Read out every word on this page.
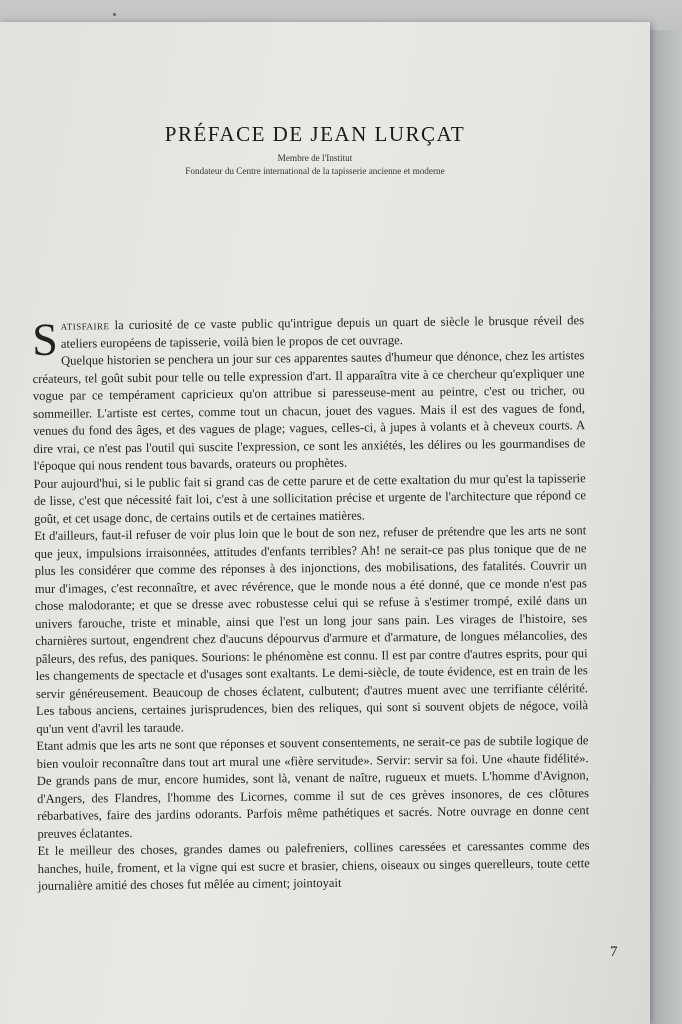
PRÉFACE DE JEAN LURÇAT

Membre de l'Institut

Fondateur du Centre international de la tapisserie ancienne et moderne

Satisfaire la curiosité de ce vaste public qu'intrigue depuis un quart de siècle le brusque réveil des ateliers européens de tapisserie, voilà bien le propos de cet ouvrage.

Quelque historien se penchera un jour sur ces apparentes sautes d'humeur que dénonce, chez les artistes créateurs, tel goût subit pour telle ou telle expression d'art. Il apparaîtra vite à ce chercheur qu'expliquer une vogue par ce tempérament capricieux qu'on attribue si paresseuse-ment au peintre, c'est ou tricher, ou sommeiller. L'artiste est certes, comme tout un chacun, jouet des vagues. Mais il est des vagues de fond, venues du fond des âges, et des vagues de plage; vagues, celles-ci, à jupes à volants et à cheveux courts. A dire vrai, ce n'est pas l'outil qui suscite l'expression, ce sont les anxiétés, les délires ou les gourmandises de l'époque qui nous rendent tous bavards, orateurs ou prophètes.

Pour aujourd'hui, si le public fait si grand cas de cette parure et de cette exaltation du mur qu'est la tapisserie de lisse, c'est que nécessité fait loi, c'est à une sollicitation précise et urgente de l'architecture que répond ce goût, et cet usage donc, de certains outils et de certaines matières.

Et d'ailleurs, faut-il refuser de voir plus loin que le bout de son nez, refuser de prétendre que les arts ne sont que jeux, impulsions irraisonnées, attitudes d'enfants terribles? Ah! ne serait-ce pas plus tonique que de ne plus les considérer que comme des réponses à des injonctions, des mobilisations, des fatalités. Couvrir un mur d'images, c'est reconnaître, et avec révérence, que le monde nous a été donné, que ce monde n'est pas chose malodorante; et que se dresse avec robustesse celui qui se refuse à s'estimer trompé, exilé dans un univers farouche, triste et minable, ainsi que l'est un long jour sans pain. Les virages de l'histoire, ses charnières surtout, engendrent chez d'aucuns dépourvus d'armure et d'armature, de longues mélancolies, des pâleurs, des refus, des paniques. Sourions: le phénomène est connu. Il est par contre d'autres esprits, pour qui les changements de spectacle et d'usages sont exaltants. Le demi-siècle, de toute évidence, est en train de les servir généreusement. Beaucoup de choses éclatent, culbutent; d'autres muent avec une terrifiante célérité. Les tabous anciens, certaines jurisprudences, bien des reliques, qui sont si souvent objets de négoce, voilà qu'un vent d'avril les taraude.

Etant admis que les arts ne sont que réponses et souvent consentements, ne serait-ce pas de subtile logique de bien vouloir reconnaître dans tout art mural une «fière servitude». Servir: servir sa foi. Une «haute fidélité». De grands pans de mur, encore humides, sont là, venant de naître, rugueux et muets. L'homme d'Avignon, d'Angers, des Flandres, l'homme des Licornes, comme il sut de ces grèves insonores, de ces clôtures rébarbatives, faire des jardins odorants. Parfois même pathétiques et sacrés. Notre ouvrage en donne cent preuves éclatantes.

Et le meilleur des choses, grandes dames ou palefreniers, collines caressées et caressantes comme des hanches, huile, froment, et la vigne qui est sucre et brasier, chiens, oiseaux ou singes querelleurs, toute cette journalière amitié des choses fut mêlée au ciment; jointoyait

7
